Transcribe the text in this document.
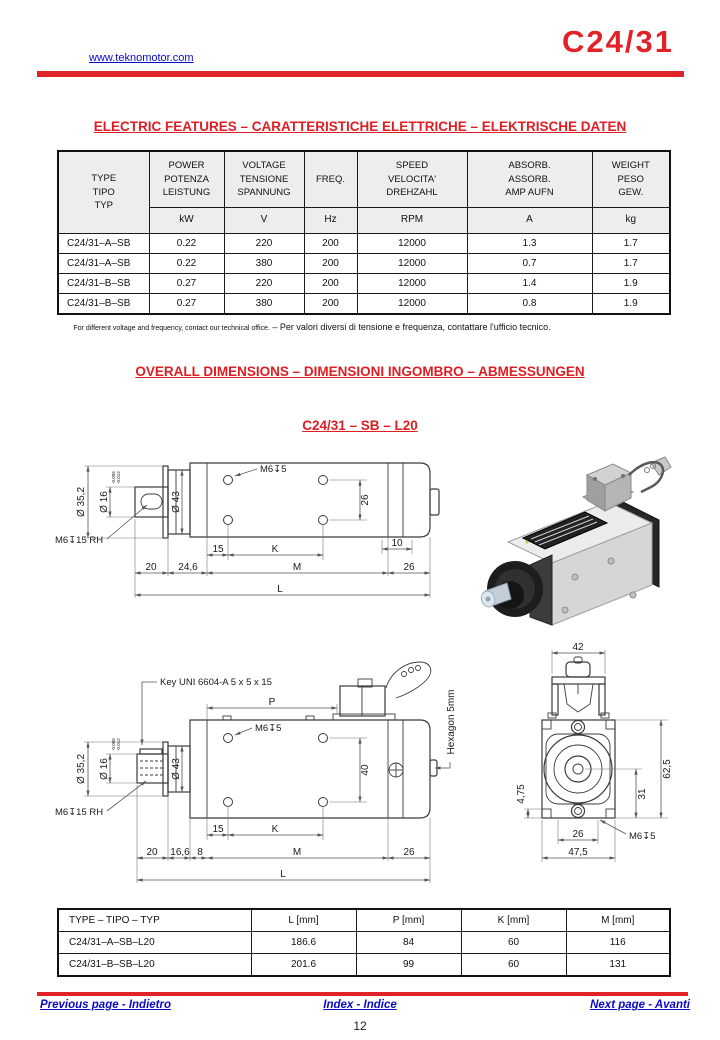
www.teknomotor.com	C24/31
ELECTRIC FEATURES – CARATTERISTICHE ELETTRICHE – ELEKTRISCHE DATEN
TYPE
TIPO
TYP

POWER
POTENZA
LEISTUNG

VOLTAGE
TENSIONE
SPANNUNG

FREQ.

SPEED
VELOCITA'
DREHZAHL

ABSORB.
ASSORB.
AMP AUFN

WEIGHT
PESO
GEW.

	kW	V	Hz	RPM	A	kg
C24/31–A–SB	0.22	220	200	12000	1.3	1.7
C24/31–A–SB	0.22	380	200	12000	0.7	1.7
C24/31–B–SB	0.27	220	200	12000	1.4	1.9
C24/31–B–SB	0.27	380	200	12000	0.8	1.9
For different voltage and frequency, contact our technical office. – Per valori diversi di tensione e frequenza, contattare l'ufficio tecnico.
OVERALL DIMENSIONS – DIMENSIONI INGOMBRO – ABMESSUNGEN
C24/31 – SB – L20
M6↧5
26
Ø 35,2 Ø 16
-0.006 -0.012
Ø 43
M6↧15 RH
15	K
10
20 24,6	M	26
L
Key UNI 6604-A 5 x 5 x 15
P	Hexagon 5mm
M6↧5
40
Ø 43
Ø 35,2 Ø 16
-0.006 -0.012
M6↧15 RH
15	K
20 16,6 8	M	26
L
42
62,5
31
4,75
26
47,5
M6↧5
TYPE – TIPO – TYP	L [mm]	P [mm]	K [mm]	M [mm]
C24/31–A–SB–L20	186.6	84	60	116
C24/31–B–SB–L20	201.6	99	60	131
Previous page - Indietro	Index - Indice	Next page - Avanti
12
